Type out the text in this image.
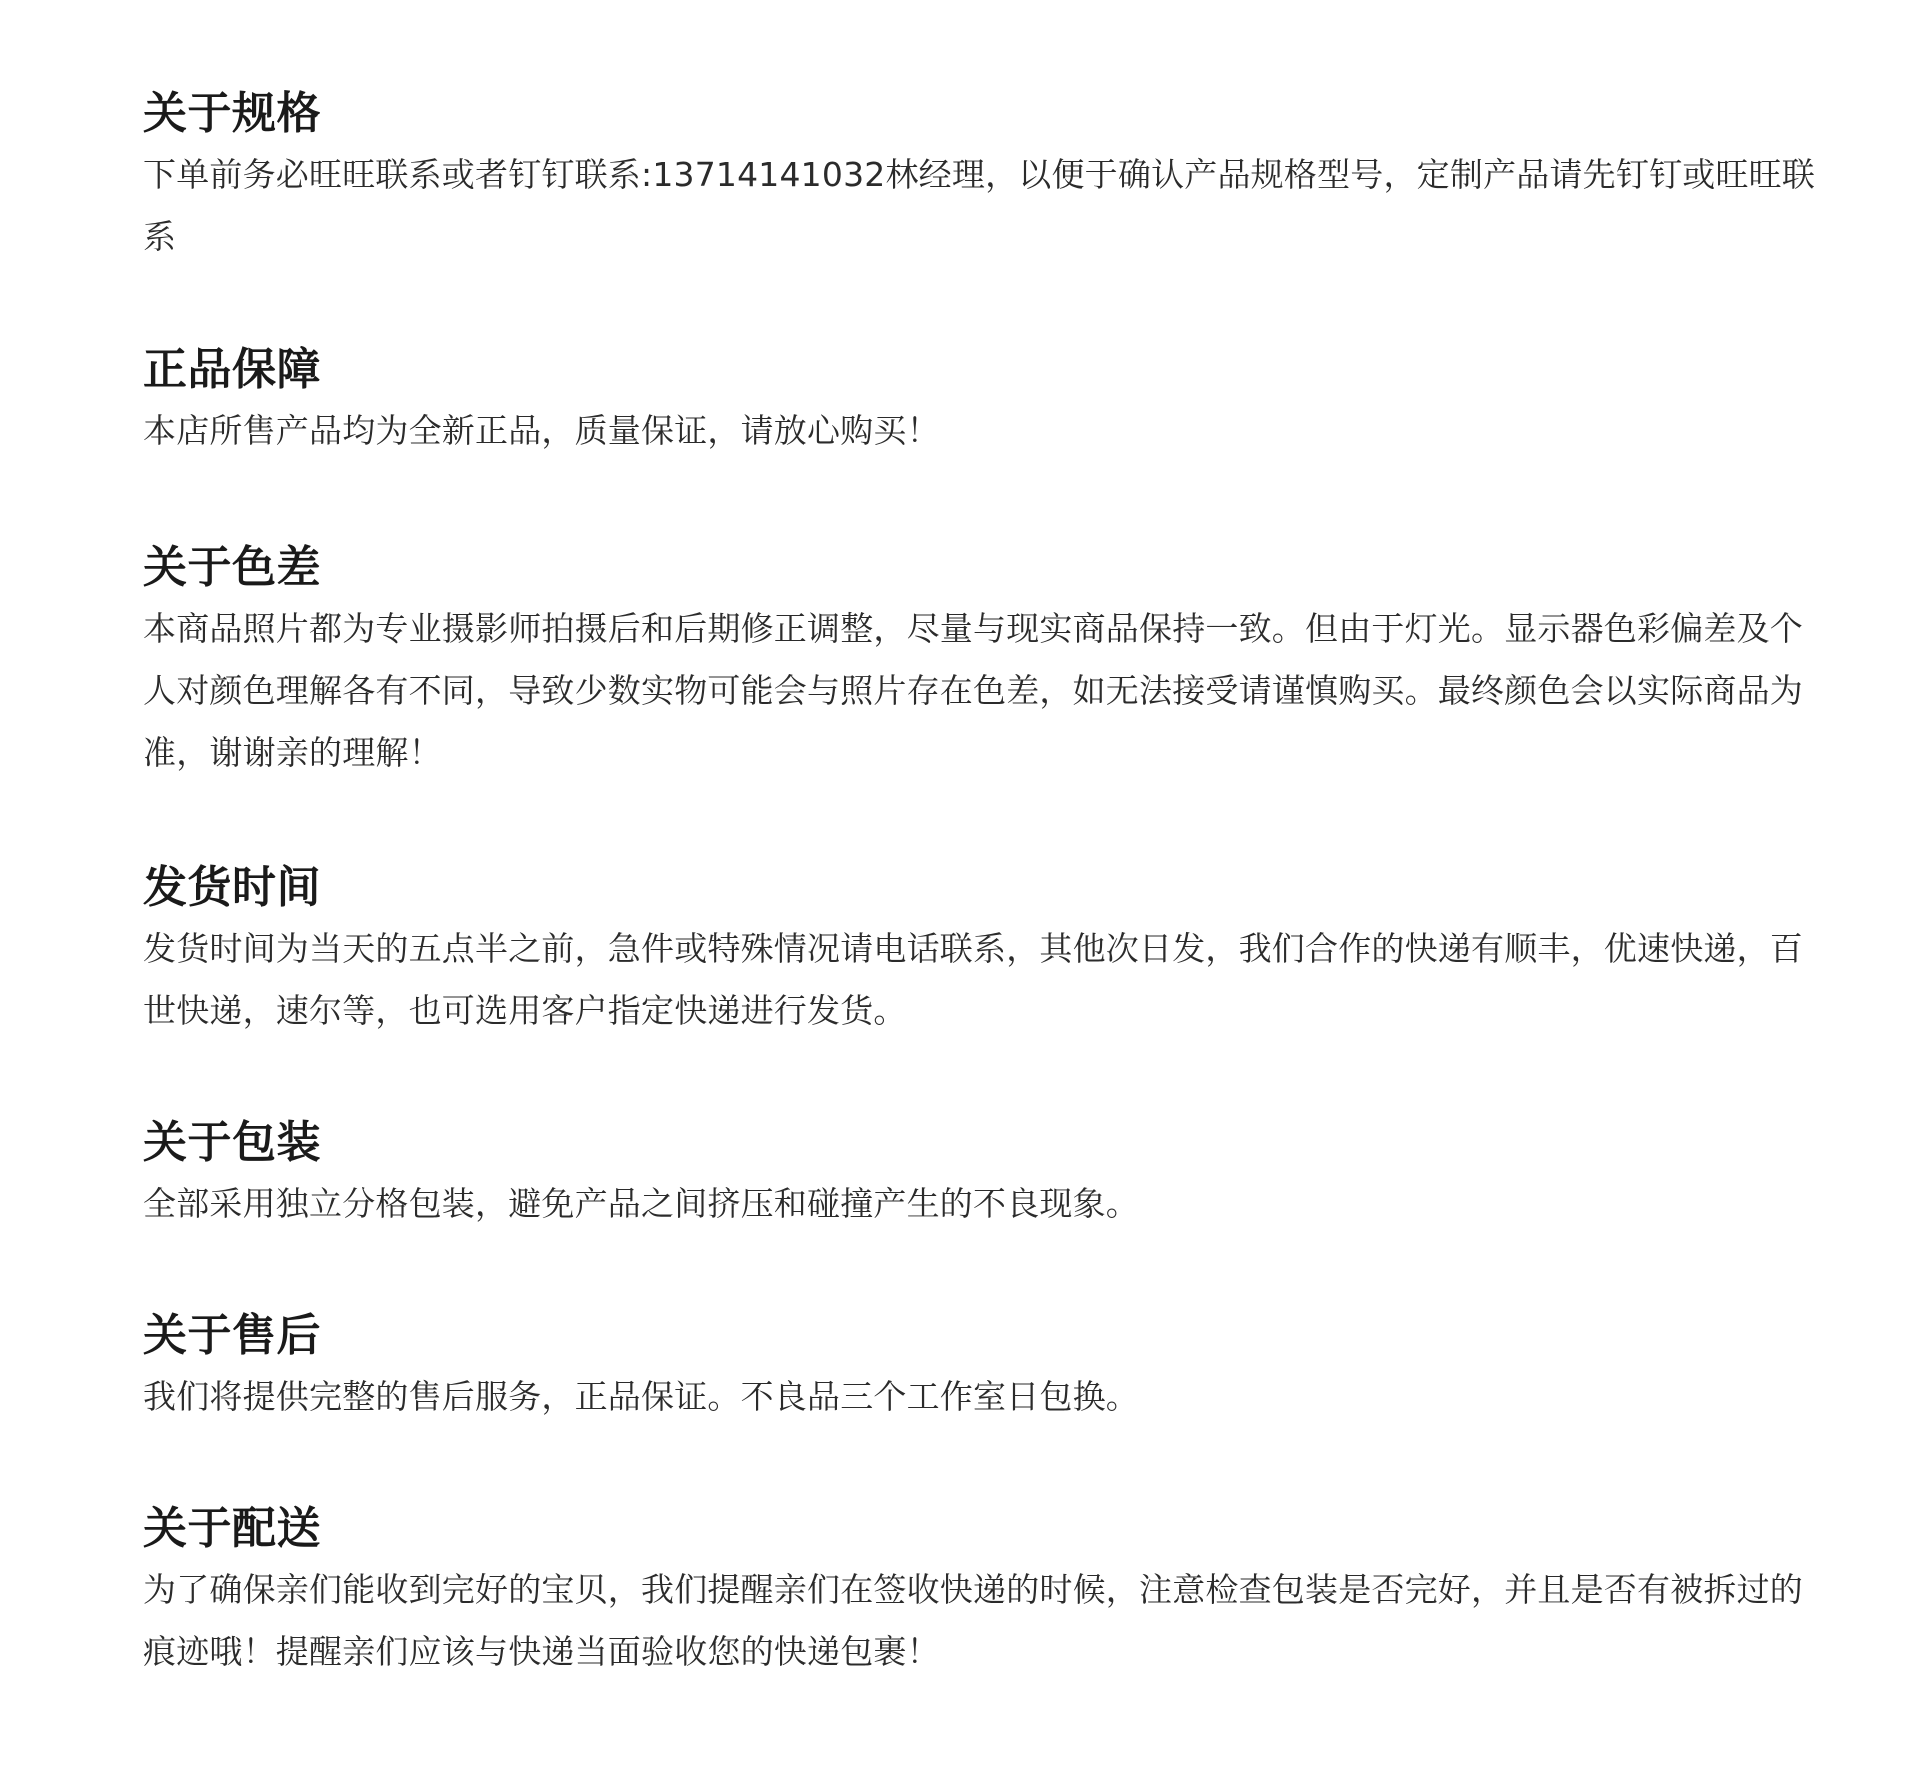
关于规格

下单前务必旺旺联系或者钉钉联系:13714141032林经理，以便于确认产品规格型号，定制产品请先钉钉或旺旺联系

正品保障

本店所售产品均为全新正品，质量保证，请放心购买！

关于色差

本商品照片都为专业摄影师拍摄后和后期修正调整，尽量与现实商品保持一致。但由于灯光。显示器色彩偏差及个人对颜色理解各有不同，导致少数实物可能会与照片存在色差，如无法接受请谨慎购买。最终颜色会以实际商品为准，谢谢亲的理解！

发货时间

发货时间为当天的五点半之前，急件或特殊情况请电话联系，其他次日发，我们合作的快递有顺丰，优速快递，百世快递，速尔等，也可选用客户指定快递进行发货。

关于包装

全部采用独立分格包装，避免产品之间挤压和碰撞产生的不良现象。

关于售后

我们将提供完整的售后服务，正品保证。不良品三个工作室日包换。

关于配送

为了确保亲们能收到完好的宝贝，我们提醒亲们在签收快递的时候，注意检查包装是否完好，并且是否有被拆过的痕迹哦！提醒亲们应该与快递当面验收您的快递包裹！
